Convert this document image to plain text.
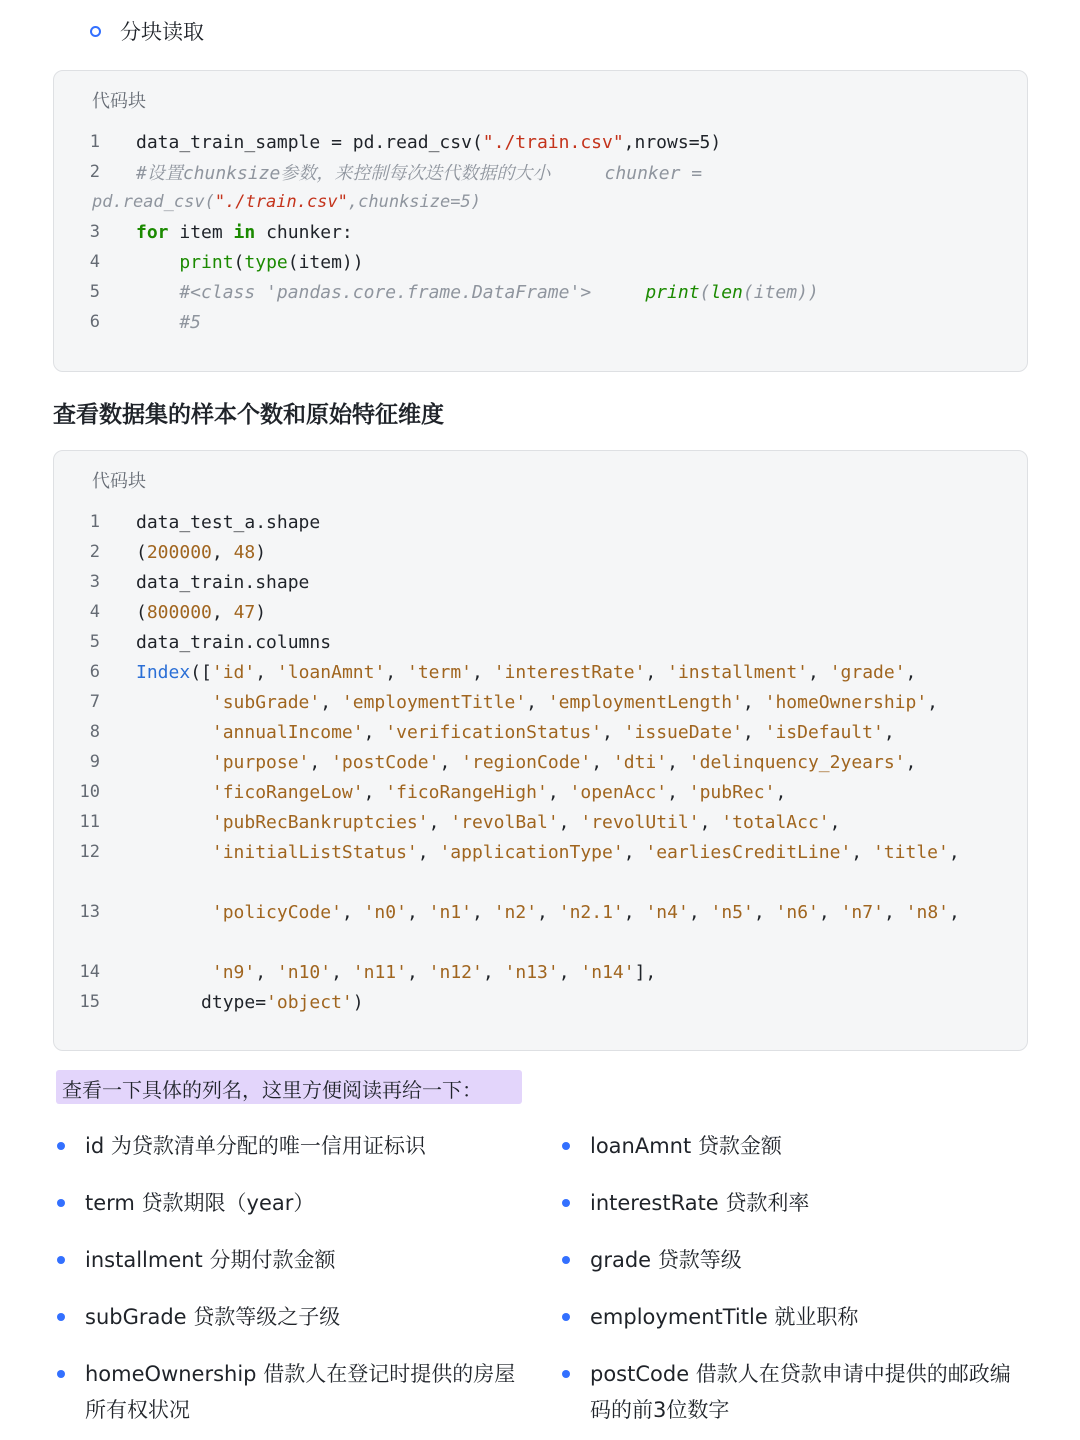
分块读取
代码块
1	data_train_sample = pd.read_csv("./train.csv",nrows=5)
2	#设置chunksize参数，来控制每次迭代数据的大小     chunker =
pd.read_csv("./train.csv",chunksize=5)
3	for item in chunker:
4	print(type(item))
5	#<class 'pandas.core.frame.DataFrame'>     print(len(item))
6	#5
查看数据集的样本个数和原始特征维度
代码块
1	data_test_a.shape
2	(200000, 48)
3	data_train.shape
4	(800000, 47)
5	data_train.columns
6	Index(['id', 'loanAmnt', 'term', 'interestRate', 'installment', 'grade',
7	'subGrade', 'employmentTitle', 'employmentLength', 'homeOwnership',
8	'annualIncome', 'verificationStatus', 'issueDate', 'isDefault',
9	'purpose', 'postCode', 'regionCode', 'dti', 'delinquency_2years',
10	'ficoRangeLow', 'ficoRangeHigh', 'openAcc', 'pubRec',
11	'pubRecBankruptcies', 'revolBal', 'revolUtil', 'totalAcc',
12	'initialListStatus', 'applicationType', 'earliesCreditLine', 'title',
13	'policyCode', 'n0', 'n1', 'n2', 'n2.1', 'n4', 'n5', 'n6', 'n7', 'n8',
14	'n9', 'n10', 'n11', 'n12', 'n13', 'n14'],
15	dtype='object')
查看一下具体的列名，这里方便阅读再给一下：
id 为贷款清单分配的唯一信用证标识
term 贷款期限（year）
installment 分期付款金额
subGrade 贷款等级之子级
homeOwnership 借款人在登记时提供的房屋所有权状况
loanAmnt 贷款金额
interestRate 贷款利率
grade 贷款等级
employmentTitle 就业职称
postCode 借款人在贷款申请中提供的邮政编码的前3位数字
